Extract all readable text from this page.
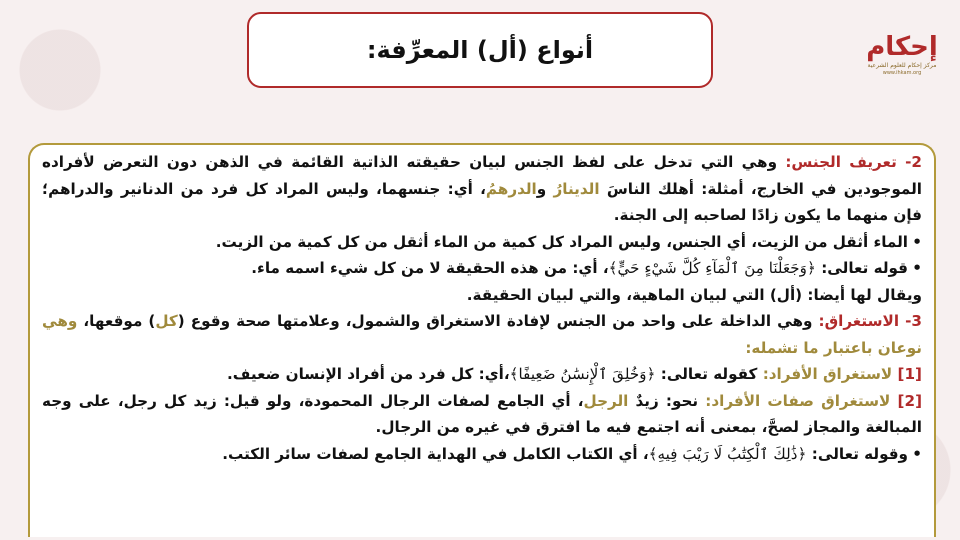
أنواع (أل) المعرِّفة:	إحكام
مركز إحكام للعلوم الشرعية
www.ihkam.org

2- تعريف الجنس: وهي التي تدخل على لفظ الجنس لبيان حقيقته الذاتية القائمة في الذهن دون التعرض لأفراده الموجودين في الخارج، أمثلة: أهلك الناسَ الدينارُ والدرهمُ، أي: جنسهما، وليس المراد كل فرد من الدنانير والدراهم؛ فإن منهما ما يكون زادًا لصاحبه إلى الجنة.

• الماء أثقل من الزيت، أي الجنس، وليس المراد كل كمية من الماء أثقل من كل كمية من الزيت.

• قوله تعالى: ﴿وَجَعَلْنَا مِنَ ٱلْمَآءِ كُلَّ شَيْءٍ حَيٍّ﴾، أي: من هذه الحقيقة لا من كل شيء اسمه ماء.

ويقال لها أيضا: (أل) التي لبيان الماهية، والتي لبيان الحقيقة.

3- الاستغراق: وهي الداخلة على واحد من الجنس لإفادة الاستغراق والشمول، وعلامتها صحة وقوع (كل) موقعها، وهي نوعان باعتبار ما تشمله:

[1] لاستغراق الأفراد: كقوله تعالى: ﴿وَخُلِقَ ٱلْإِنسَٰنُ ضَعِيفًا﴾،أي: كل فرد من أفراد الإنسان ضعيف.

[2] لاستغراق صفات الأفراد: نحو: زيدٌ الرجل، أي الجامع لصفات الرجال المحمودة، ولو قيل: زيد كل رجل، على وجه المبالغة والمجاز لصحَّ، بمعنى أنه اجتمع فيه ما افترق في غيره من الرجال.

• وقوله تعالى: ﴿ذَٰلِكَ ٱلْكِتَٰبُ لَا رَيْبَ فِيهِ﴾، أي الكتاب الكامل في الهداية الجامع لصفات سائر الكتب.
